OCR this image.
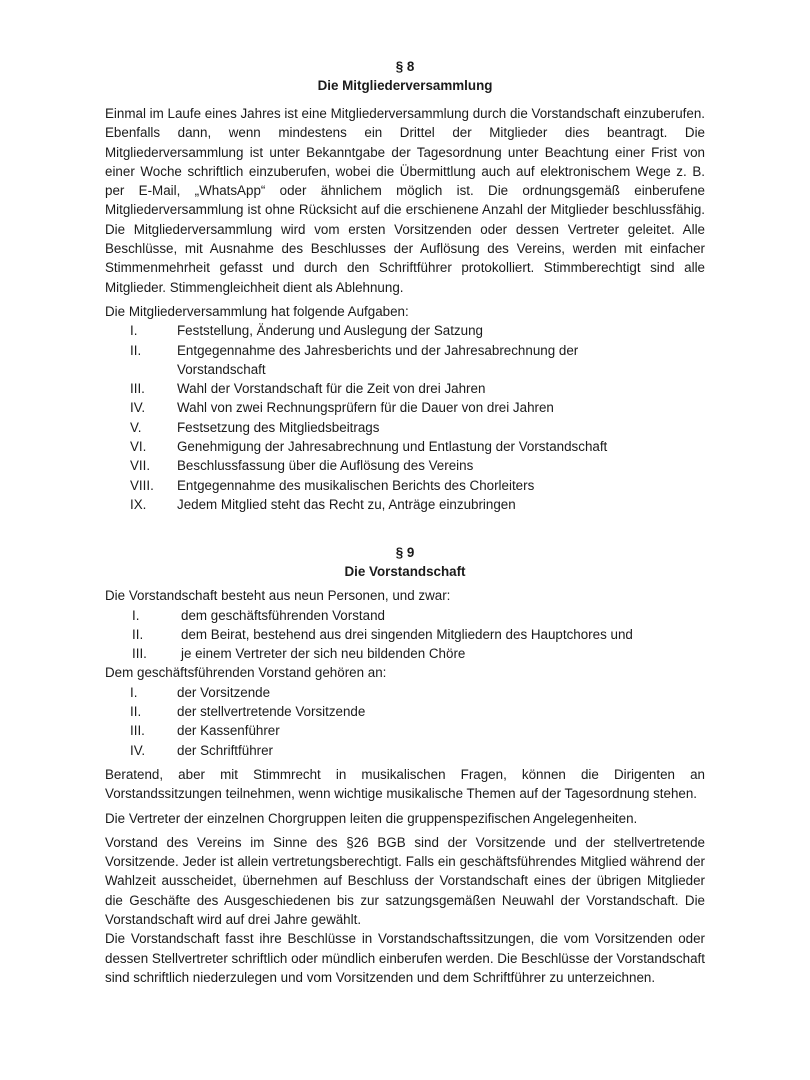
§ 8
Die Mitgliederversammlung

Einmal im Laufe eines Jahres ist eine Mitgliederversammlung durch die Vorstandschaft einzuberufen. Ebenfalls dann, wenn mindestens ein Drittel der Mitglieder dies beantragt. Die Mitgliederversammlung ist unter Bekanntgabe der Tagesordnung unter Beachtung einer Frist von einer Woche schriftlich einzuberufen, wobei die Übermittlung auch auf elektronischem Wege z. B. per E-Mail, „WhatsApp“ oder ähnlichem möglich ist. Die ordnungsgemäß einberufene Mitgliederversammlung ist ohne Rücksicht auf die erschienene Anzahl der Mitglieder beschlussfähig. Die Mitgliederversammlung wird vom ersten Vorsitzenden oder dessen Vertreter geleitet. Alle Beschlüsse, mit Ausnahme des Beschlusses der Auflösung des Vereins, werden mit einfacher Stimmenmehrheit gefasst und durch den Schriftführer protokolliert. Stimmberechtigt sind alle Mitglieder. Stimmengleichheit dient als Ablehnung.

Die Mitgliederversammlung hat folgende Aufgaben:

I.	Feststellung, Änderung und Auslegung der Satzung
II.	Entgegennahme des Jahresberichts und der Jahresabrechnung der Vorstandschaft
III.	Wahl der Vorstandschaft für die Zeit von drei Jahren
IV.	Wahl von zwei Rechnungsprüfern für die Dauer von drei Jahren
V.	Festsetzung des Mitgliedsbeitrags
VI.	Genehmigung der Jahresabrechnung und Entlastung der Vorstandschaft
VII.	Beschlussfassung über die Auflösung des Vereins
VIII.	Entgegennahme des musikalischen Berichts des Chorleiters
IX.	Jedem Mitglied steht das Recht zu, Anträge einzubringen
§ 9
Die Vorstandschaft

Die Vorstandschaft besteht aus neun Personen, und zwar:

I.	dem geschäftsführenden Vorstand
II.	dem Beirat, bestehend aus drei singenden Mitgliedern des Hauptchores und
III.	je einem Vertreter der sich neu bildenden Chöre

Dem geschäftsführenden Vorstand gehören an:

I.	der Vorsitzende
II.	der stellvertretende Vorsitzende
III.	der Kassenführer
IV.	der Schriftführer

Beratend, aber mit Stimmrecht in musikalischen Fragen, können die Dirigenten an Vorstandssitzungen teilnehmen, wenn wichtige musikalische Themen auf der Tagesordnung stehen.

Die Vertreter der einzelnen Chorgruppen leiten die gruppenspezifischen Angelegenheiten.

Vorstand des Vereins im Sinne des §26 BGB sind der Vorsitzende und der stellvertretende Vorsitzende. Jeder ist allein vertretungsberechtigt. Falls ein geschäftsführendes Mitglied während der Wahlzeit ausscheidet, übernehmen auf Beschluss der Vorstandschaft eines der übrigen Mitglieder die Geschäfte des Ausgeschiedenen bis zur satzungsgemäßen Neuwahl der Vorstandschaft. Die Vorstandschaft wird auf drei Jahre gewählt.

Die Vorstandschaft fasst ihre Beschlüsse in Vorstandschaftssitzungen, die vom Vorsitzenden oder dessen Stellvertreter schriftlich oder mündlich einberufen werden. Die Beschlüsse der Vorstandschaft sind schriftlich niederzulegen und vom Vorsitzenden und dem Schriftführer zu unterzeichnen.
